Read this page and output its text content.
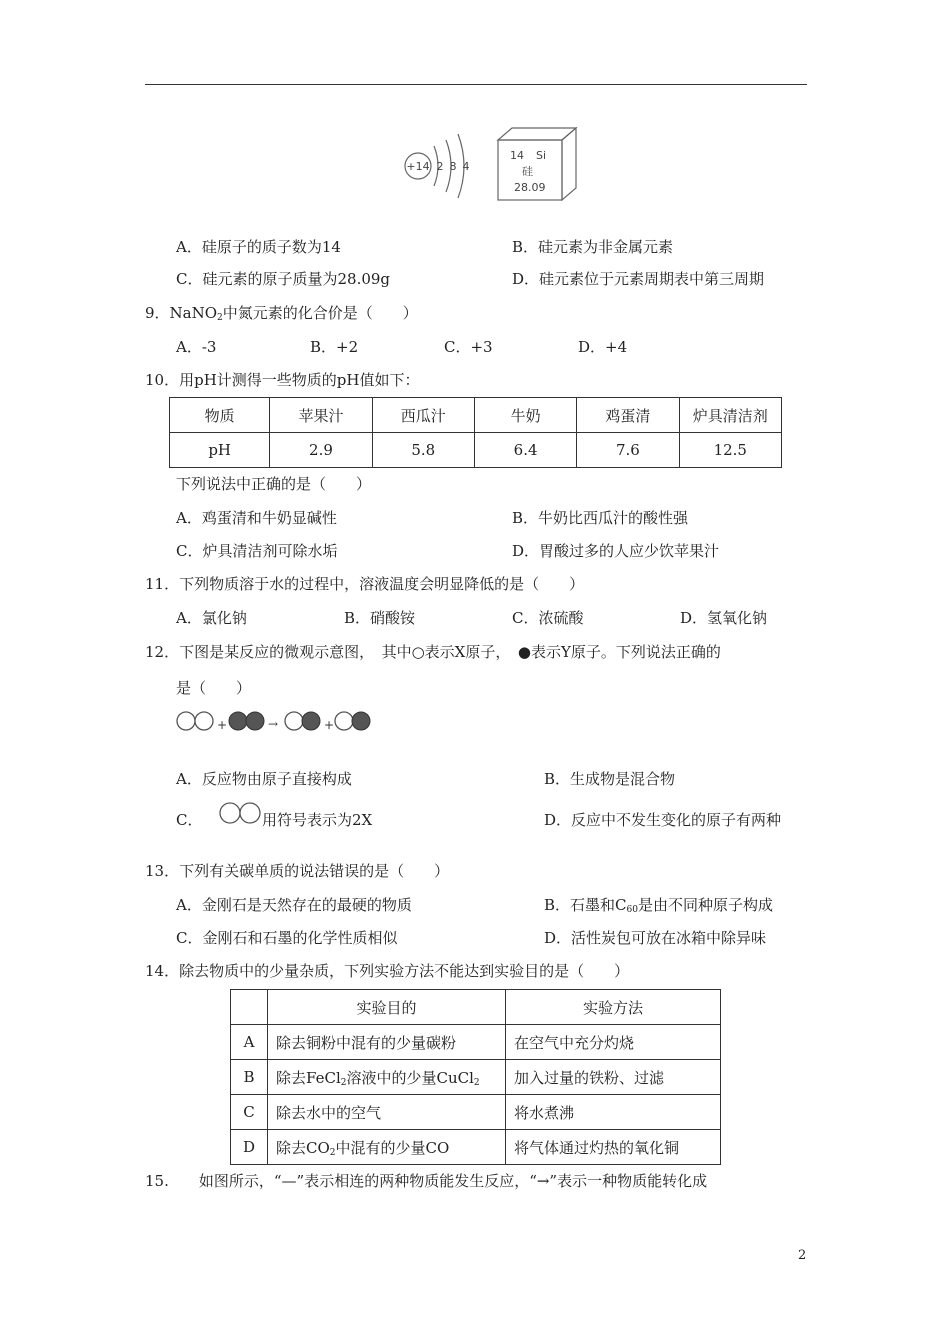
+14 2 8 4
14 Si
硅
28.09
A．硅原子的质子数为14	B．硅元素为非金属元素
C．硅元素的原子质量为28.09g	D．硅元素位于元素周期表中第三周期
9．NaNO$_2$中氮元素的化合价是（　　）
A．-3	B．+2	C．+3	D．+4
10．用pH计测得一些物质的pH值如下：
物质	苹果汁	西瓜汁	牛奶	鸡蛋清	炉具清洁剂
pH	2.9	5.8	6.4	7.6	12.5
下列说法中正确的是（　　）
A．鸡蛋清和牛奶显碱性	B．牛奶比西瓜汁的酸性强
C．炉具清洁剂可除水垢	D．胃酸过多的人应少饮苹果汁
11．下列物质溶于水的过程中，溶液温度会明显降低的是（　　）
A．氯化钠	B．硝酸铵	C．浓硫酸	D．氢氧化钠
12．下图是某反应的微观示意图，　其中○表示X原子，　●表示Y原子。下列说法正确的
是（　　）
+	→	+
A．反应物由原子直接构成	B．生成物是混合物
C．	用符号表示为2X	D．反应中不发生变化的原子有两种
13．下列有关碳单质的说法错误的是（　　）
A．金刚石是天然存在的最硬的物质	B．石墨和$C_{60}$是由不同种原子构成
C．金刚石和石墨的化学性质相似	D．活性炭包可放在冰箱中除异味
14．除去物质中的少量杂质，下列实验方法不能达到实验目的是（　　）
	实验目的	实验方法
A	除去铜粉中混有的少量碳粉	在空气中充分灼烧
B	除去FeCl$_2$溶液中的少量CuCl$_2$	加入过量的铁粉、过滤
C	除去水中的空气	将水煮沸
D	除去$CO_2$中混有的少量CO	将气体通过灼热的氧化铜
15.　　如图所示，“—”表示相连的两种物质能发生反应，“→”表示一种物质能转化成
2
